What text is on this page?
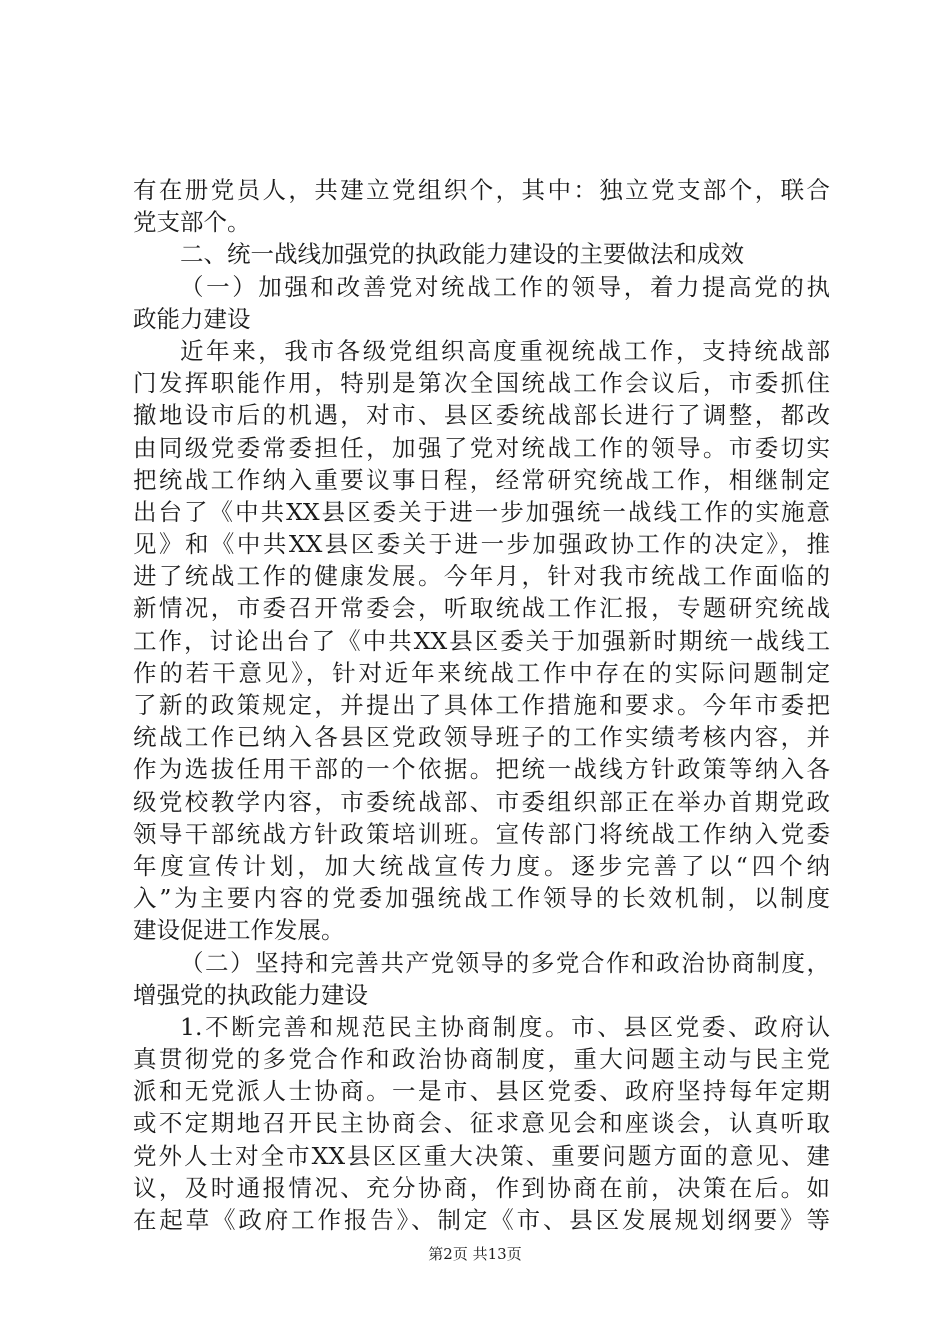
有在册党员人，共建立党组织个，其中：独立党支部个，联合
党支部个。
二、统一战线加强党的执政能力建设的主要做法和成效
（一）加强和改善党对统战工作的领导，着力提高党的执
政能力建设
近年来，我市各级党组织高度重视统战工作，支持统战部
门发挥职能作用，特别是第次全国统战工作会议后，市委抓住
撤地设市后的机遇，对市、县区委统战部长进行了调整，都改
由同级党委常委担任，加强了党对统战工作的领导。市委切实
把统战工作纳入重要议事日程，经常研究统战工作，相继制定
出台了《中共XX县区委关于进一步加强统一战线工作的实施意
见》和《中共XX县区委关于进一步加强政协工作的决定》，推
进了统战工作的健康发展。今年月，针对我市统战工作面临的
新情况，市委召开常委会，听取统战工作汇报，专题研究统战
工作，讨论出台了《中共XX县区委关于加强新时期统一战线工
作的若干意见》，针对近年来统战工作中存在的实际问题制定
了新的政策规定，并提出了具体工作措施和要求。今年市委把
统战工作已纳入各县区党政领导班子的工作实绩考核内容，并
作为选拔任用干部的一个依据。把统一战线方针政策等纳入各
级党校教学内容，市委统战部、市委组织部正在举办首期党政
领导干部统战方针政策培训班。宣传部门将统战工作纳入党委
年度宣传计划，加大统战宣传力度。逐步完善了以“四个纳
入”为主要内容的党委加强统战工作领导的长效机制，以制度
建设促进工作发展。
（二）坚持和完善共产党领导的多党合作和政治协商制度，
增强党的执政能力建设
1.不断完善和规范民主协商制度。市、县区党委、政府认
真贯彻党的多党合作和政治协商制度，重大问题主动与民主党
派和无党派人士协商。一是市、县区党委、政府坚持每年定期
或不定期地召开民主协商会、征求意见会和座谈会，认真听取
党外人士对全市XX县区区重大决策、重要问题方面的意见、建
议，及时通报情况、充分协商，作到协商在前，决策在后。如
在起草《政府工作报告》、制定《市、县区发展规划纲要》等
第2页 共13页
